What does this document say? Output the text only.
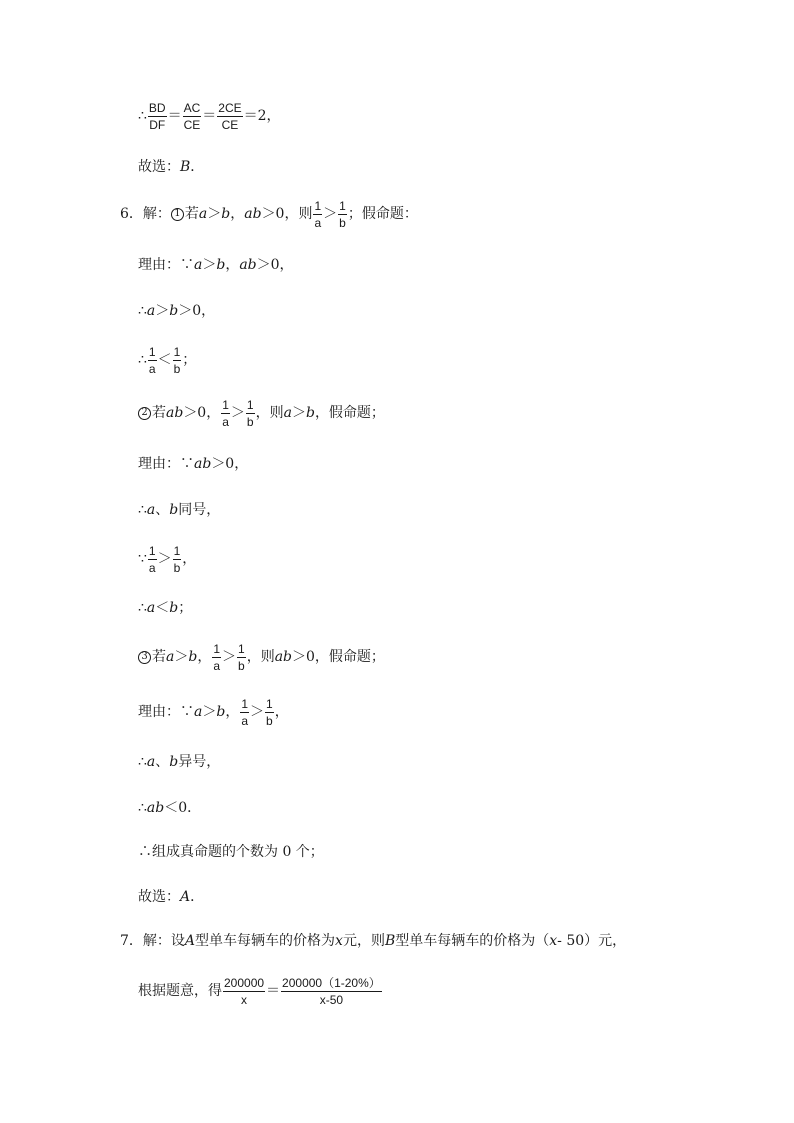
∴ $\frac{BD}{DF} = \frac{AC}{CE} = \frac{2CE}{CE} =2$，
故选： B ．
6．解： 1 若 a ＞ b ， ab ＞0，则 $\frac{1}{a} > \frac{1}{b}$ ；假命题：
理由：∵ a ＞ b ， ab ＞0，
∴ a ＞ b ＞0，
∴ $\frac{1}{a} < \frac{1}{b}$ ；
2 若 ab ＞0， $\frac{1}{a} > \frac{1}{b}$ ，则 a ＞ b ，假命题；
理由：∵ ab ＞0，
∴ a 、 b 同号，
∵ $\frac{1}{a} > \frac{1}{b}$ ，
∴ a ＜ b ；
3 若 a ＞ b ， $\frac{1}{a} > \frac{1}{b}$ ，则 ab ＞0，假命题；
理由：∵ a ＞ b ， $\frac{1}{a} > \frac{1}{b}$ ，
∴ a 、 b 异号，
∴ ab ＜0．
∴组成真命题的个数为 0 个；
故选： A ．
7．解：设 A 型单车每辆车的价格为 x 元，则 B 型单车每辆车的价格为（ x - 50）元，
根据题意，得 $\frac{200000}{x} = \frac{200000(1-20\%)}{x-50}$
